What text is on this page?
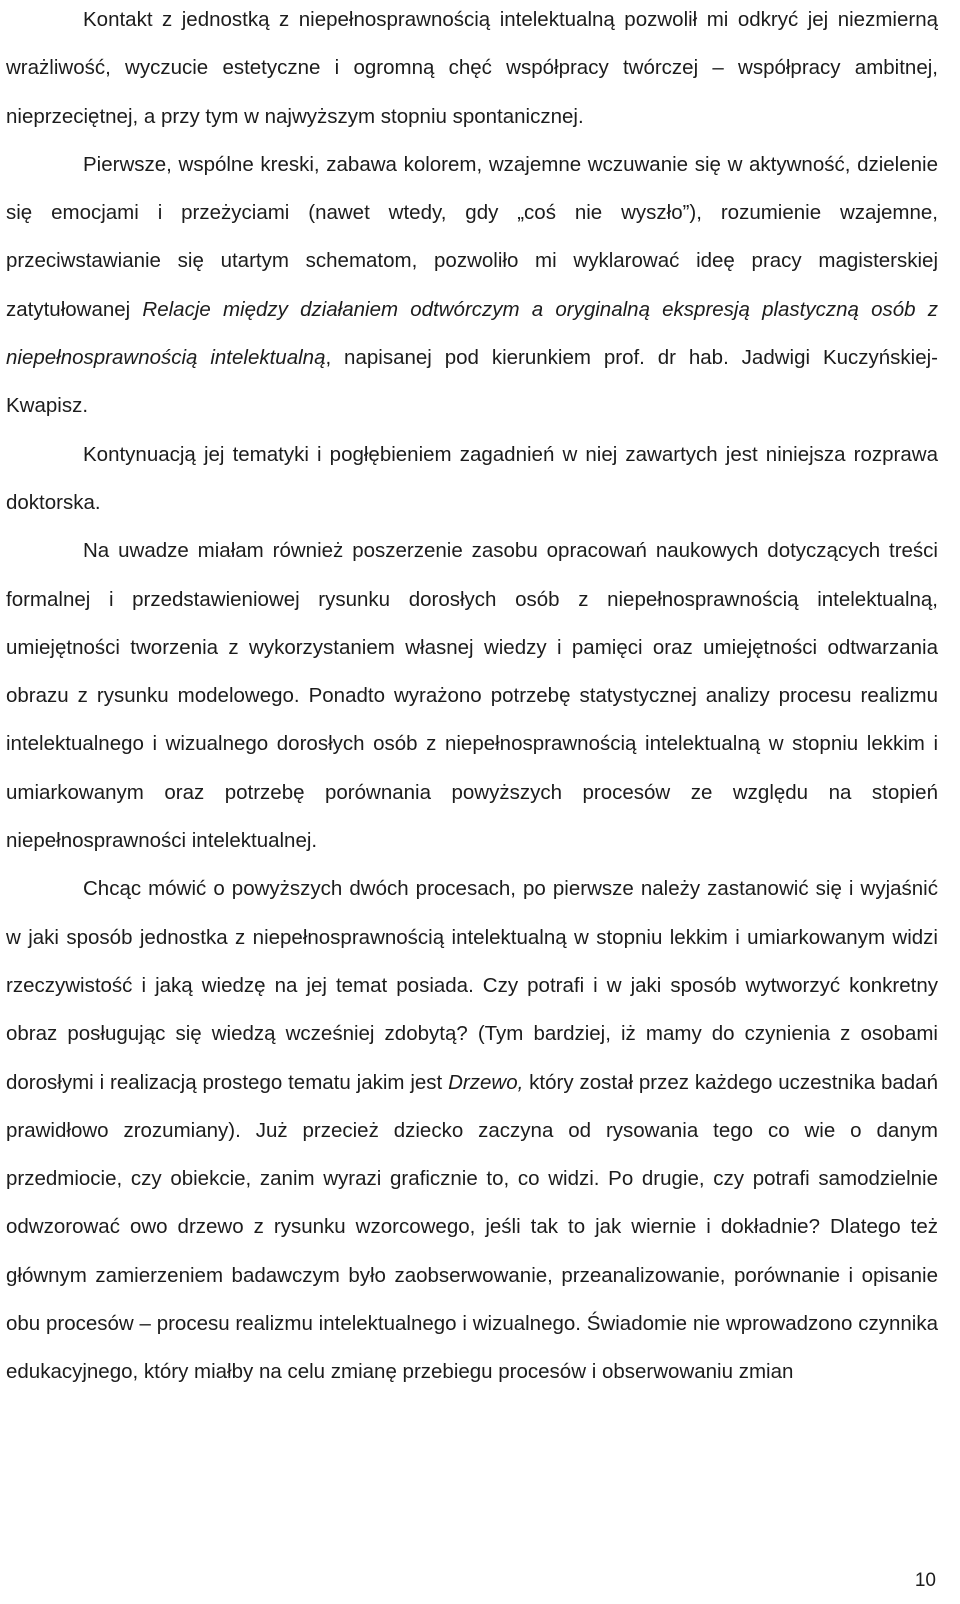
Kontakt z jednostką z niepełnosprawnością intelektualną pozwolił mi odkryć jej niezmierną wrażliwość, wyczucie estetyczne i ogromną chęć współpracy twórczej – współpracy ambitnej, nieprzeciętnej, a przy tym w najwyższym stopniu spontanicznej.

Pierwsze, wspólne kreski, zabawa kolorem, wzajemne wczuwanie się w aktywność, dzielenie się emocjami i przeżyciami (nawet wtedy, gdy „coś nie wyszło”), rozumienie wzajemne, przeciwstawianie się utartym schematom, pozwoliło mi wyklarować ideę pracy magisterskiej zatytułowanej Relacje między działaniem odtwórczym a oryginalną ekspresją plastyczną osób z niepełnosprawnością intelektualną, napisanej pod kierunkiem prof. dr hab. Jadwigi Kuczyńskiej-Kwapisz.

Kontynuacją jej tematyki i pogłębieniem zagadnień w niej zawartych jest niniejsza rozprawa doktorska.

Na uwadze miałam również poszerzenie zasobu opracowań naukowych dotyczących treści formalnej i przedstawieniowej rysunku dorosłych osób z niepełnosprawnością intelektualną, umiejętności tworzenia z wykorzystaniem własnej wiedzy i pamięci oraz umiejętności odtwarzania obrazu z rysunku modelowego. Ponadto wyrażono potrzebę statystycznej analizy procesu realizmu intelektualnego i wizualnego dorosłych osób z niepełnosprawnością intelektualną w stopniu lekkim i umiarkowanym oraz potrzebę porównania powyższych procesów ze względu na stopień niepełnosprawności intelektualnej.

Chcąc mówić o powyższych dwóch procesach, po pierwsze należy zastanowić się i wyjaśnić w jaki sposób jednostka z niepełnosprawnością intelektualną w stopniu lekkim i umiarkowanym widzi rzeczywistość i jaką wiedzę na jej temat posiada. Czy potrafi i w jaki sposób wytworzyć konkretny obraz posługując się wiedzą wcześniej zdobytą? (Tym bardziej, iż mamy do czynienia z osobami dorosłymi i realizacją prostego tematu jakim jest Drzewo, który został przez każdego uczestnika badań prawidłowo zrozumiany). Już przecież dziecko zaczyna od rysowania tego co wie o danym przedmiocie, czy obiekcie, zanim wyrazi graficznie to, co widzi. Po drugie, czy potrafi samodzielnie odwzorować owo drzewo z rysunku wzorcowego, jeśli tak to jak wiernie i dokładnie? Dlatego też głównym zamierzeniem badawczym było zaobserwowanie, przeanalizowanie, porównanie i opisanie obu procesów – procesu realizmu intelektualnego i wizualnego. Świadomie nie wprowadzono czynnika edukacyjnego, który miałby na celu zmianę przebiegu procesów i obserwowaniu zmian

10
